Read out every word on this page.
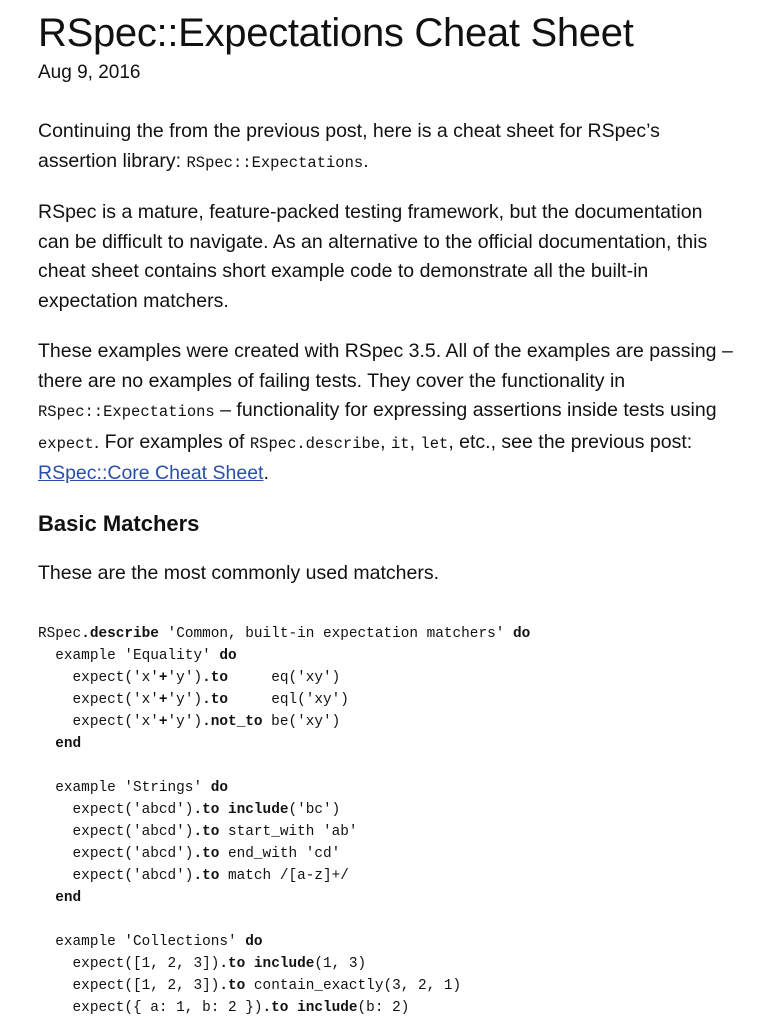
RSpec::Expectations Cheat Sheet
Aug 9, 2016

Continuing the from the previous post, here is a cheat sheet for RSpec’s assertion library: RSpec::Expectations.

RSpec is a mature, feature-packed testing framework, but the documentation can be difficult to navigate. As an alternative to the official documentation, this cheat sheet contains short example code to demonstrate all the built-in expectation matchers.

These examples were created with RSpec 3.5. All of the examples are passing – there are no examples of failing tests. They cover the functionality in RSpec::Expectations – functionality for expressing assertions inside tests using expect. For examples of RSpec.describe, it, let, etc., see the previous post: RSpec::Core Cheat Sheet.

Basic Matchers

These are the most commonly used matchers.

RSpec.describe 'Common, built-in expectation matchers' do
example 'Equality' do
expect('x'+'y').to     eq('xy')
expect('x'+'y').to     eql('xy')
expect('x'+'y').not_to be('xy')
end
example 'Strings' do
expect('abcd').to include('bc')
expect('abcd').to start_with 'ab'
expect('abcd').to end_with 'cd'
expect('abcd').to match /[a-z]+/
end
example 'Collections' do
expect([1, 2, 3]).to include(1, 3)
expect([1, 2, 3]).to contain_exactly(3, 2, 1)
expect({ a: 1, b: 2 }).to include(b: 2)
